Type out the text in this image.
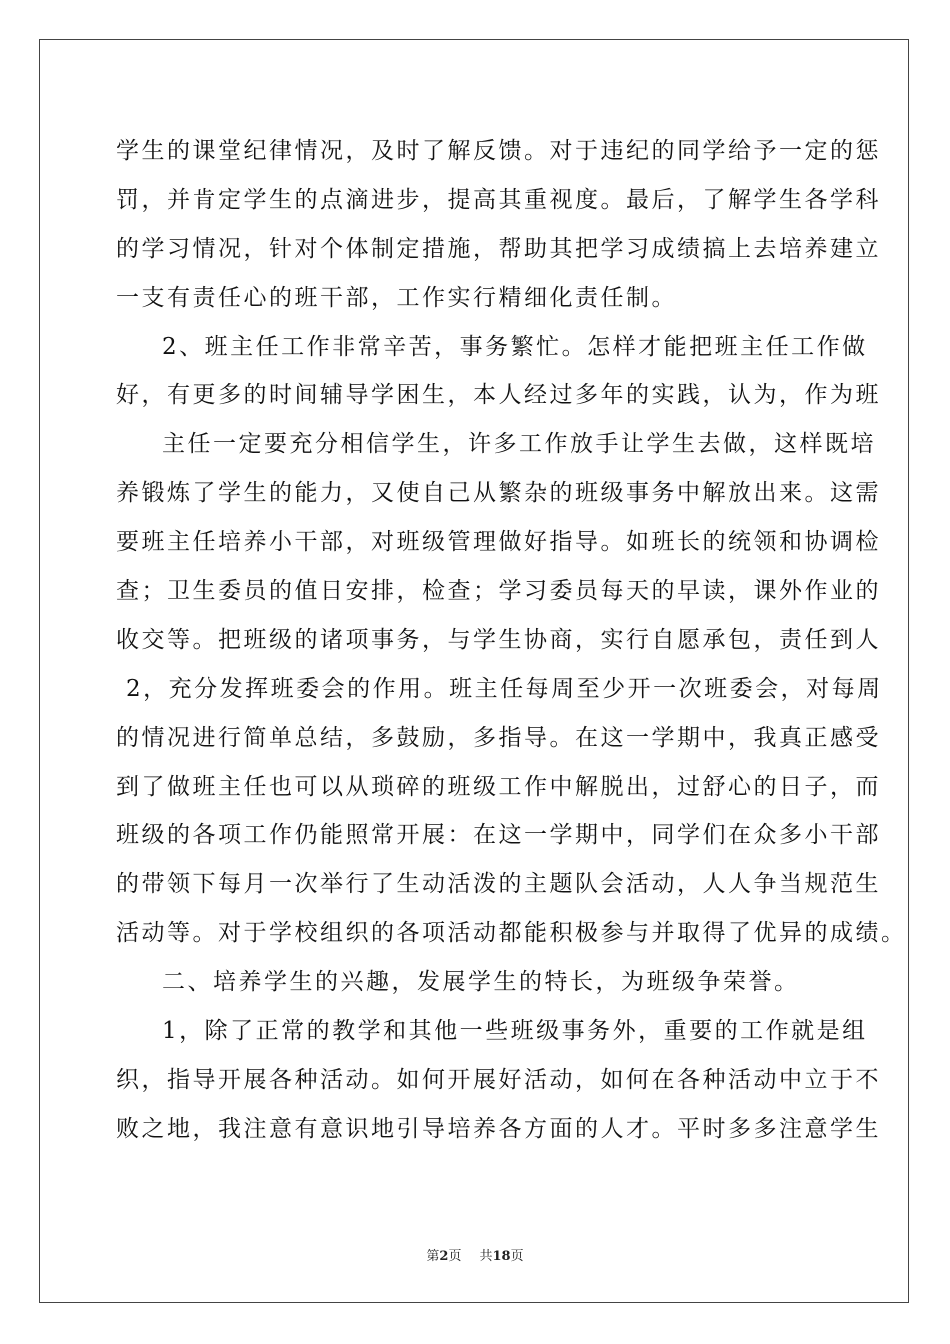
学生的课堂纪律情况，及时了解反馈。对于违纪的同学给予一定的惩
罚，并肯定学生的点滴进步，提高其重视度。最后，了解学生各学科
的学习情况，针对个体制定措施，帮助其把学习成绩搞上去培养建立
一支有责任心的班干部，工作实行精细化责任制。
2、班主任工作非常辛苦，事务繁忙。怎样才能把班主任工作做
好，有更多的时间辅导学困生，本人经过多年的实践，认为，作为班
主任一定要充分相信学生，许多工作放手让学生去做，这样既培
养锻炼了学生的能力，又使自己从繁杂的班级事务中解放出来。这需
要班主任培养小干部，对班级管理做好指导。如班长的统领和协调检
查；卫生委员的值日安排，检查；学习委员每天的早读，课外作业的
收交等。把班级的诸项事务，与学生协商，实行自愿承包，责任到人
2，充分发挥班委会的作用。班主任每周至少开一次班委会，对每周
的情况进行简单总结，多鼓励，多指导。在这一学期中，我真正感受
到了做班主任也可以从琐碎的班级工作中解脱出，过舒心的日子，而
班级的各项工作仍能照常开展：在这一学期中，同学们在众多小干部
的带领下每月一次举行了生动活泼的主题队会活动，人人争当规范生
活动等。对于学校组织的各项活动都能积极参与并取得了优异的成绩。
二、培养学生的兴趣，发展学生的特长，为班级争荣誉。
1，除了正常的教学和其他一些班级事务外，重要的工作就是组
织，指导开展各种活动。如何开展好活动，如何在各种活动中立于不
败之地，我注意有意识地引导培养各方面的人才。平时多多注意学生
第2页 共18页
